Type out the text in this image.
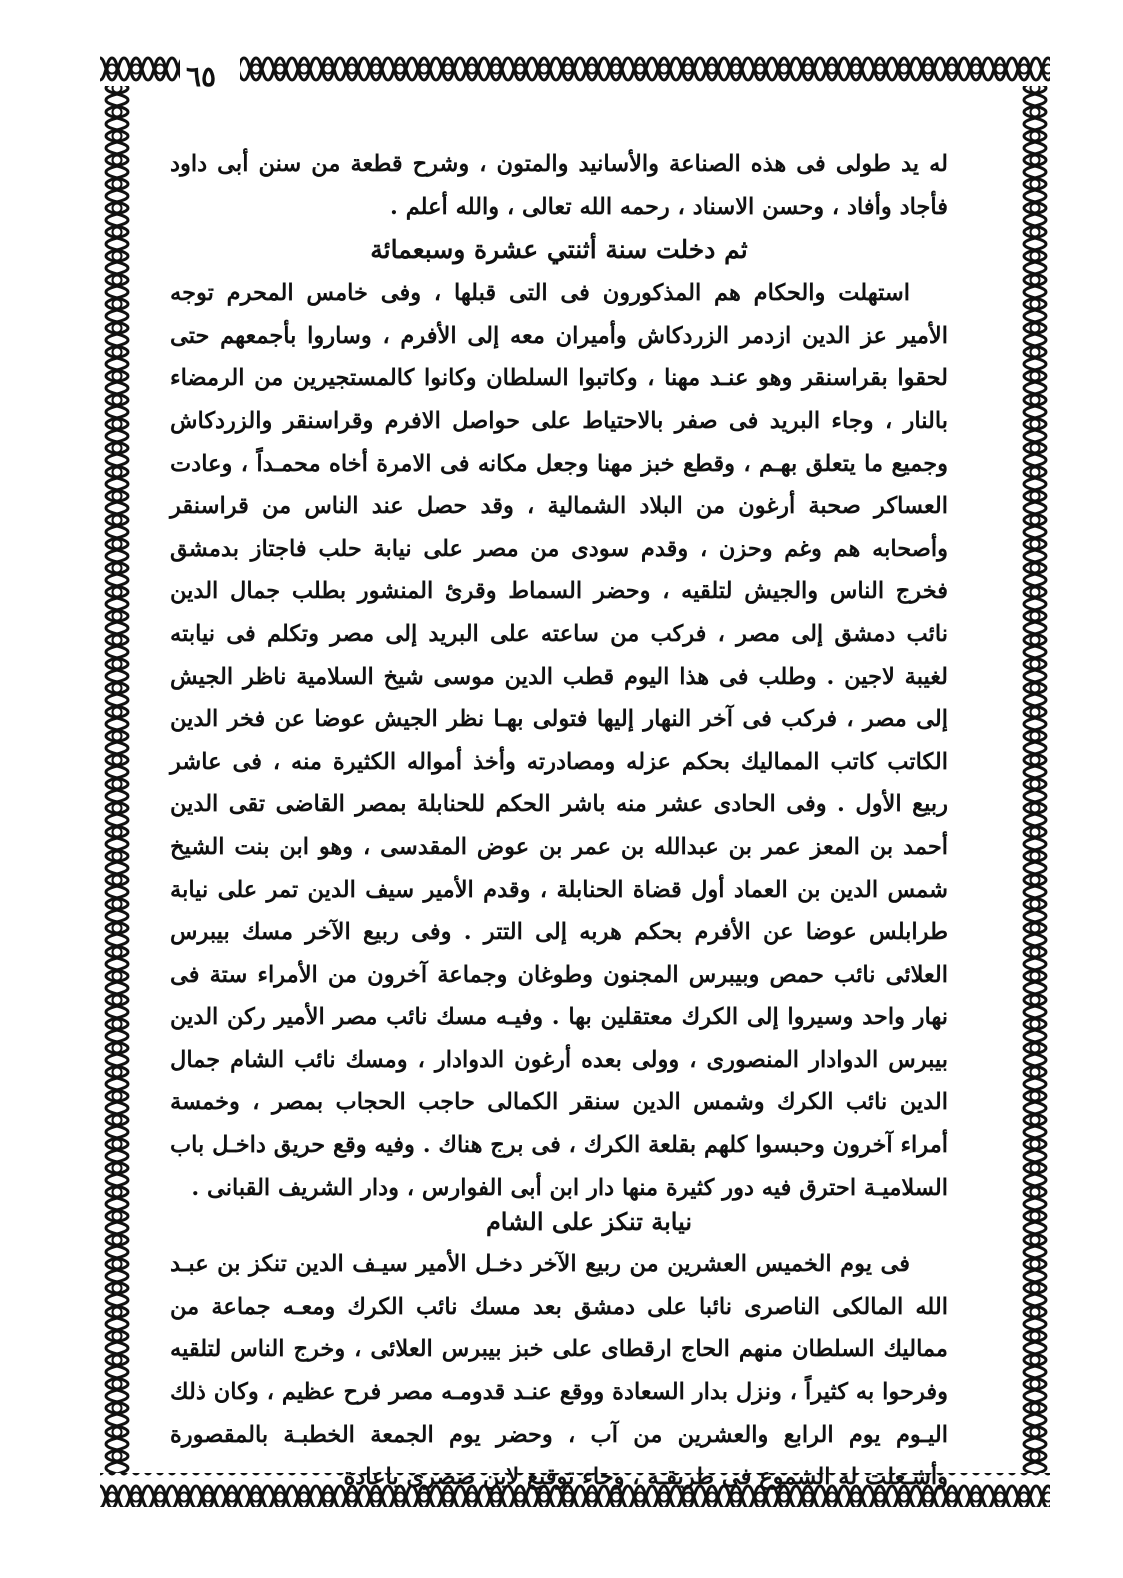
٦٥

له يد طولى فى هذه الصناعة والأسانيد والمتون ، وشرح قطعة من سنن أبى داود فأجاد وأفاد ، وحسن الاسناد ، رحمه الله تعالى ، والله أعلم .

ثم دخلت سنة أثنتي عشرة وسبعمائة

استهلت والحكام هم المذكورون فى التى قبلها ، وفى خامس المحرم توجه الأمير عز الدين ازدمر الزردكاش وأميران معه إلى الأفرم ، وساروا بأجمعهم حتى لحقوا بقراسنقر وهو عنـد مهنا ، وكاتبوا السلطان وكانوا كالمستجيرين من الرمضاء بالنار ، وجاء البريد فى صفر بالاحتياط على حواصل الافرم وقراسنقر والزردكاش وجميع ما يتعلق بهـم ، وقطع خبز مهنا وجعل مكانه فى الامرة أخاه محمـداً ، وعادت العساكر صحبة أرغون من البلاد الشمالية ، وقد حصل عند الناس من قراسنقر وأصحابه هم وغم وحزن ، وقدم سودى من مصر على نيابة حلب فاجتاز بدمشق فخرج الناس والجيش لتلقيه ، وحضر السماط وقرئ المنشور بطلب جمال الدين نائب دمشق إلى مصر ، فركب من ساعته على البريد إلى مصر وتكلم فى نيابته لغيبة لاجين . وطلب فى هذا اليوم قطب الدين موسى شيخ السلامية ناظر الجيش إلى مصر ، فركب فى آخر النهار إليها فتولى بهـا نظر الجيش عوضا عن فخر الدين الكاتب كاتب المماليك بحكم عزله ومصادرته وأخذ أمواله الكثيرة منه ، فى عاشر ربيع الأول . وفى الحادى عشر منه باشر الحكم للحنابلة بمصر القاضى تقى الدين أحمد بن المعز عمر بن عبدالله بن عمر بن عوض المقدسى ، وهو ابن بنت الشيخ شمس الدين بن العماد أول قضاة الحنابلة ، وقدم الأمير سيف الدين تمر على نيابة طرابلس عوضا عن الأفرم بحكم هربه إلى التتر . وفى ربيع الآخر مسك بيبرس العلائى نائب حمص وبيبرس المجنون وطوغان وجماعة آخرون من الأمراء ستة فى نهار واحد وسيروا إلى الكرك معتقلين بها . وفيـه مسك نائب مصر الأمير ركن الدين بيبرس الدوادار المنصورى ، وولى بعده أرغون الدوادار ، ومسك نائب الشام جمال الدين نائب الكرك وشمس الدين سنقر الكمالى حاجب الحجاب بمصر ، وخمسة أمراء آخرون وحبسوا كلهم بقلعة الكرك ، فى برج هناك . وفيه وقع حريق داخـل باب السلاميـة احترق فيه دور كثيرة منها دار ابن أبى الفوارس ، ودار الشريف القبانى .

نيابة تنكز على الشام

فى يوم الخميس العشرين من ربيع الآخر دخـل الأمير سيـف الدين تنكز بن عبـد الله المالكى الناصرى نائبا على دمشق بعد مسك نائب الكرك ومعـه جماعة من مماليك السلطان منهم الحاج ارقطاى على خبز بيبرس العلائى ، وخرج الناس لتلقيه وفرحوا به كثيراً ، ونزل بدار السعادة ووقع عنـد قدومـه مصر فرح عظيم ، وكان ذلك اليـوم يوم الرابع والعشرين من آب ، وحضر يوم الجمعة الخطبـة بالمقصورة وأشـعلت له الشموع فى طريقـه ، وجاء توقيع لابن صصرى باعادة
